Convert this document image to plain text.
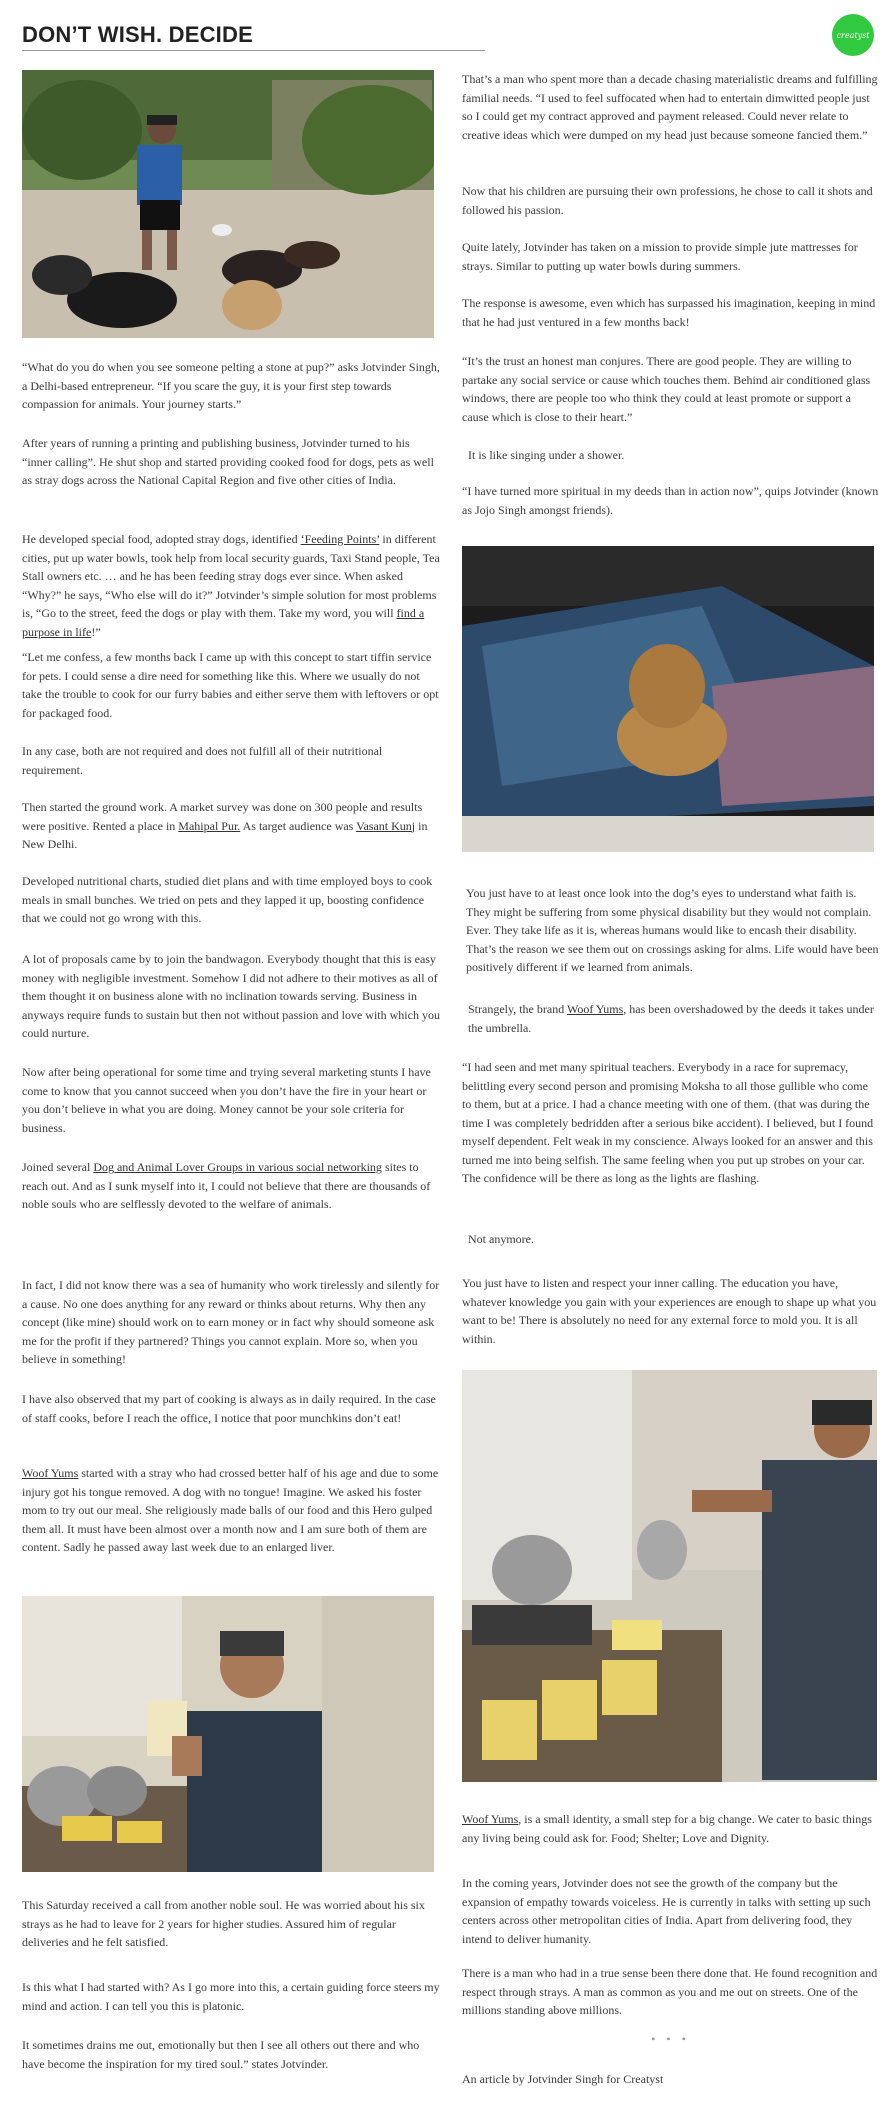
DON’T WISH. DECIDE	creatyst
“What do you do when you see someone pelting a stone at pup?” asks Jotvinder Singh, a Delhi-based entrepreneur. “If you scare the guy, it is your first step towards compassion for animals. Your journey starts.”
After years of running a printing and publishing business, Jotvinder turned to his “inner calling”. He shut shop and started providing cooked food for dogs, pets as well as stray dogs across the National Capital Region and five other cities of India.
He developed special food, adopted stray dogs, identified ‘Feeding Points’ in different cities, put up water bowls, took help from local security guards, Taxi Stand people, Tea Stall owners etc. … and he has been feeding stray dogs ever since. When asked “Why?” he says, “Who else will do it?” Jotvinder’s simple solution for most problems is, “Go to the street, feed the dogs or play with them. Take my word, you will find a purpose in life!”
“Let me confess, a few months back I came up with this concept to start tiffin service for pets. I could sense a dire need for something like this. Where we usually do not take the trouble to cook for our furry babies and either serve them with leftovers or opt for packaged food.
In any case, both are not required and does not fulfill all of their nutritional requirement.
Then started the ground work. A market survey was done on 300 people and results were positive. Rented a place in Mahipal Pur. As target audience was Vasant Kunj in New Delhi.
Developed nutritional charts, studied diet plans and with time employed boys to cook meals in small bunches. We tried on pets and they lapped it up, boosting confidence that we could not go wrong with this.
A lot of proposals came by to join the bandwagon. Everybody thought that this is easy money with negligible investment. Somehow I did not adhere to their motives as all of them thought it on business alone with no inclination towards serving. Business in anyways require funds to sustain but then not without passion and love with which you could nurture.
Now after being operational for some time and trying several marketing stunts I have come to know that you cannot succeed when you don’t have the fire in your heart or you don’t believe in what you are doing. Money cannot be your sole criteria for business.
Joined several Dog and Animal Lover Groups in various social networking sites to reach out. And as I sunk myself into it, I could not believe that there are thousands of noble souls who are selflessly devoted to the welfare of animals.
In fact, I did not know there was a sea of humanity who work tirelessly and silently for a cause. No one does anything for any reward or thinks about returns. Why then any concept (like mine) should work on to earn money or in fact why should someone ask me for the profit if they partnered? Things you cannot explain. More so, when you believe in something!
I have also observed that my part of cooking is always as in daily required. In the case of staff cooks, before I reach the office, I notice that poor munchkins don’t eat!
Woof Yums started with a stray who had crossed better half of his age and due to some injury got his tongue removed. A dog with no tongue! Imagine. We asked his foster mom to try out our meal. She religiously made balls of our food and this Hero gulped them all. It must have been almost over a month now and I am sure both of them are content. Sadly he passed away last week due to an enlarged liver.
This Saturday received a call from another noble soul. He was worried about his six strays as he had to leave for 2 years for higher studies. Assured him of regular deliveries and he felt satisfied.
Is this what I had started with? As I go more into this, a certain guiding force steers my mind and action. I can tell you this is platonic.
It sometimes drains me out, emotionally but then I see all others out there and who have become the inspiration for my tired soul.” states Jotvinder.
That’s a man who spent more than a decade chasing materialistic dreams and fulfilling familial needs. “I used to feel suffocated when had to entertain dimwitted people just so I could get my contract approved and payment released. Could never relate to creative ideas which were dumped on my head just because someone fancied them.”
Now that his children are pursuing their own professions, he chose to call it shots and followed his passion.
Quite lately, Jotvinder has taken on a mission to provide simple jute mattresses for strays. Similar to putting up water bowls during summers.
The response is awesome, even which has surpassed his imagination, keeping in mind that he had just ventured in a few months back!
“It’s the trust an honest man conjures. There are good people. They are willing to partake any social service or cause which touches them. Behind air conditioned glass windows, there are people too who think they could at least promote or support a cause which is close to their heart.”
It is like singing under a shower.
“I have turned more spiritual in my deeds than in action now”, quips Jotvinder (known as Jojo Singh amongst friends).
You just have to at least once look into the dog’s eyes to understand what faith is. They might be suffering from some physical disability but they would not complain. Ever. They take life as it is, whereas humans would like to encash their disability. That’s the reason we see them out on crossings asking for alms. Life would have been positively different if we learned from animals.
Strangely, the brand Woof Yums, has been overshadowed by the deeds it takes under the umbrella.
“I had seen and met many spiritual teachers. Everybody in a race for supremacy, belittling every second person and promising Moksha to all those gullible who come to them, but at a price. I had a chance meeting with one of them. (that was during the time I was completely bedridden after a serious bike accident). I believed, but I found myself dependent. Felt weak in my conscience. Always looked for an answer and this turned me into being selfish. The same feeling when you put up strobes on your car. The confidence will be there as long as the lights are flashing.
Not anymore.
You just have to listen and respect your inner calling. The education you have, whatever knowledge you gain with your experiences are enough to shape up what you want to be! There is absolutely no need for any external force to mold you. It is all within.
Woof Yums, is a small identity, a small step for a big change. We cater to basic things any living being could ask for. Food; Shelter; Love and Dignity.
In the coming years, Jotvinder does not see the growth of the company but the expansion of empathy towards voiceless. He is currently in talks with setting up such centers across other metropolitan cities of India. Apart from delivering food, they intend to deliver humanity.
There is a man who had in a true sense been there done that. He found recognition and respect through strays. A man as common as you and me out on streets. One of the millions standing above millions.
• • •
An article by Jotvinder Singh for Creatyst
